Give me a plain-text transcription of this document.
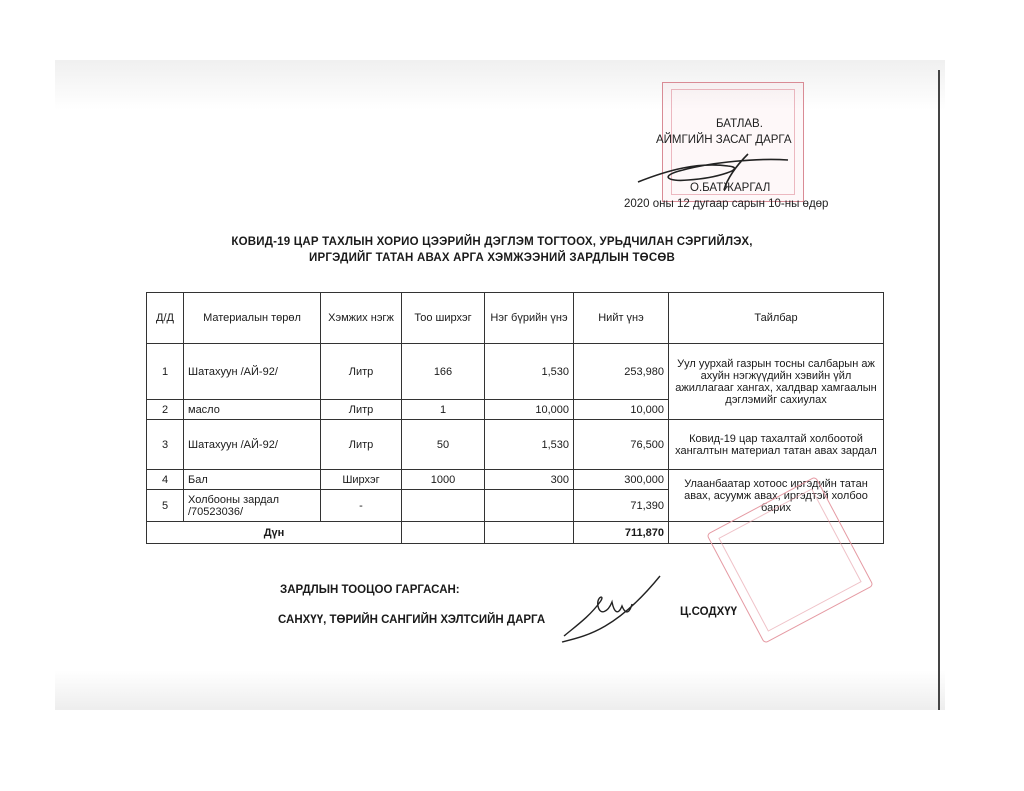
БАТЛАВ.
АЙМГИЙН ЗАСАГ ДАРГА
О.БАТЖАРГАЛ
2020 оны 12 дугаар сарын 10-ны өдөр
КОВИД-19 ЦАР ТАХЛЫН ХОРИО ЦЭЭРИЙН ДЭГЛЭМ ТОГТООХ, УРЬДЧИЛАН СЭРГИЙЛЭХ,
ИРГЭДИЙГ ТАТАН АВАХ АРГА ХЭМЖЭЭНИЙ ЗАРДЛЫН ТӨСӨВ
Д/Д	Материалын төрөл	Хэмжих нэгж	Тоо ширхэг	Нэг бүрийн үнэ	Нийт үнэ	Тайлбар
1	Шатахуун /АЙ-92/	Литр	166	1,530	253,980	Уул уурхай газрын тосны салбарын аж ахуйн нэгжүүдийн хэвийн үйл ажиллагааг хангах, халдвар хамгаалын дэглэмийг сахиулах
2	масло	Литр	1	10,000	10,000	
3	Шатахуун /АЙ-92/	Литр	50	1,530	76,500	Ковид-19 цар тахалтай холбоотой хангалтын материал татан авах зардал
4	Бал	Ширхэг	1000	300	300,000	Улаанбаатар хотоос иргэдийн татан авах, асуумж авах, иргэдтэй холбоо барих
5	Холбооны зардал /70523036/	-			71,390	
Дүн					711,870	
ЗАРДЛЫН ТООЦОО ГАРГАСАН:
САНХҮҮ, ТӨРИЙН САНГИЙН ХЭЛТСИЙН ДАРГА
Ц.СОДХҮҮ
